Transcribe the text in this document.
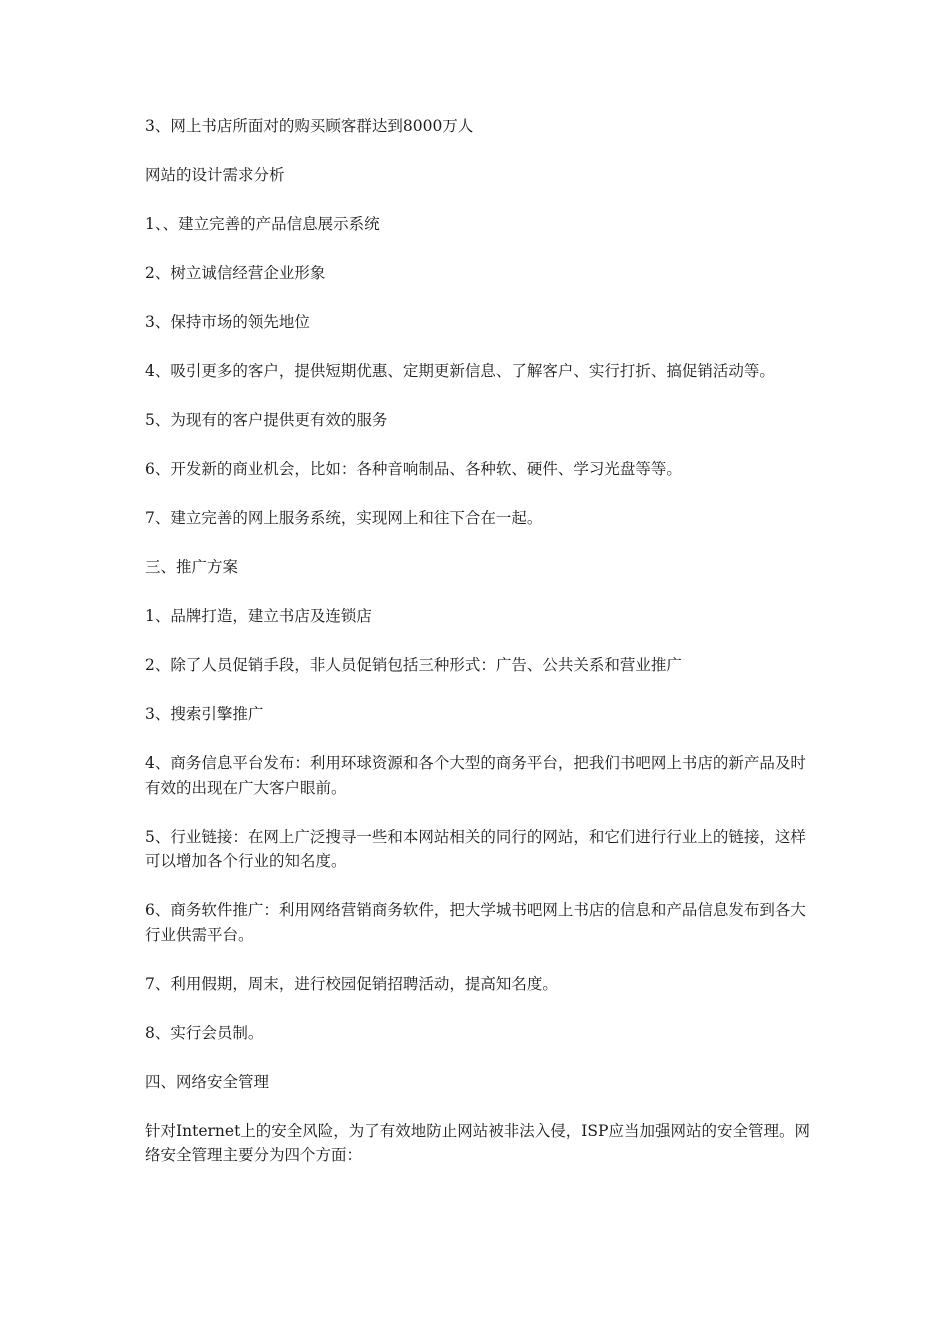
3、网上书店所面对的购买顾客群达到8000万人

网站的设计需求分析

1、、建立完善的产品信息展示系统

2、树立诚信经营企业形象

3、保持市场的领先地位

4、吸引更多的客户，提供短期优惠、定期更新信息、了解客户、实行打折、搞促销活动等。

5、为现有的客户提供更有效的服务

6、开发新的商业机会，比如：各种音响制品、各种软、硬件、学习光盘等等。

7、建立完善的网上服务系统，实现网上和往下合在一起。

三、推广方案

1、品牌打造，建立书店及连锁店

2、除了人员促销手段，非人员促销包括三种形式：广告、公共关系和营业推广

3、搜索引擎推广

4、商务信息平台发布：利用环球资源和各个大型的商务平台，把我们书吧网上书店的新产品及时有效的出现在广大客户眼前。

5、行业链接：在网上广泛搜寻一些和本网站相关的同行的网站，和它们进行行业上的链接，这样可以增加各个行业的知名度。

6、商务软件推广：利用网络营销商务软件，把大学城书吧网上书店的信息和产品信息发布到各大行业供需平台。

7、利用假期，周末，进行校园促销招聘活动，提高知名度。

8、实行会员制。

四、网络安全管理

针对Internet上的安全风险，为了有效地防止网站被非法入侵，ISP应当加强网站的安全管理。网络安全管理主要分为四个方面：
